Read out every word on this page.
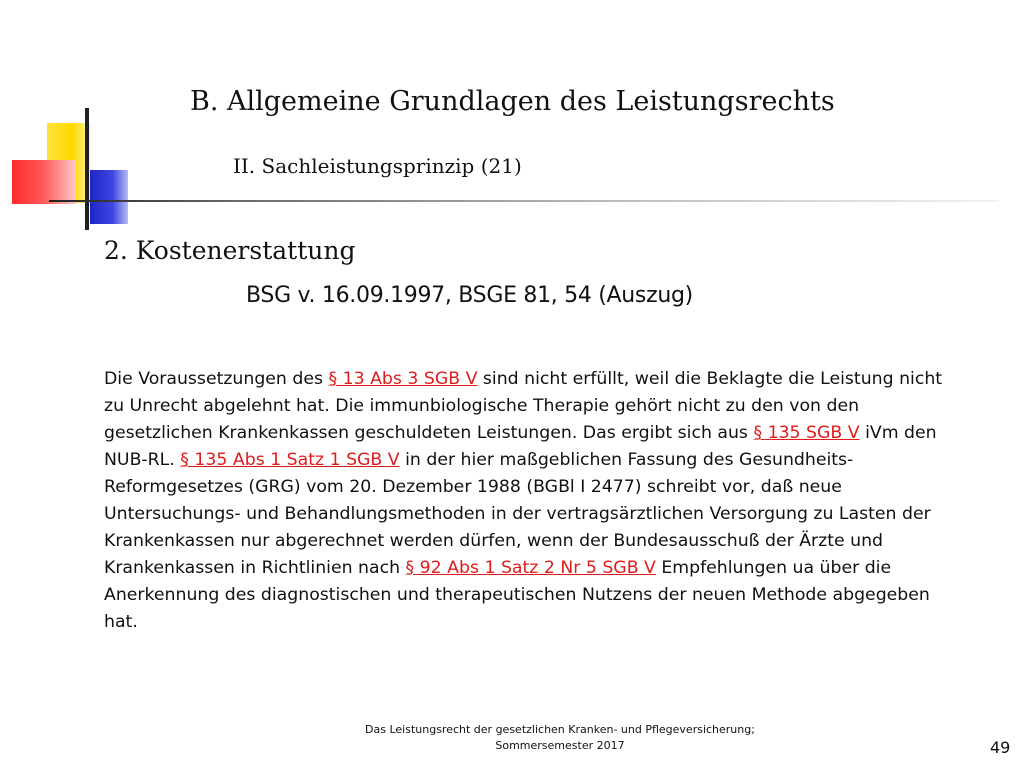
B. Allgemeine Grundlagen des Leistungsrechts
II. Sachleistungsprinzip (21)
2. Kostenerstattung
BSG v. 16.09.1997, BSGE 81, 54 (Auszug)

Die Voraussetzungen des § 13 Abs 3 SGB V sind nicht erfüllt, weil die Beklagte die Leistung nicht zu Unrecht abgelehnt hat. Die immunbiologische Therapie gehört nicht zu den von den gesetzlichen Krankenkassen geschuldeten Leistungen. Das ergibt sich aus § 135 SGB V iVm den NUB-RL. § 135 Abs 1 Satz 1 SGB V in der hier maßgeblichen Fassung des Gesundheits-Reformgesetzes (GRG) vom 20. Dezember 1988 (BGBl I 2477) schreibt vor, daß neue Untersuchungs- und Behandlungsmethoden in der vertragsärztlichen Versorgung zu Lasten der Krankenkassen nur abgerechnet werden dürfen, wenn der Bundesausschuß der Ärzte und Krankenkassen in Richtlinien nach § 92 Abs 1 Satz 2 Nr 5 SGB V Empfehlungen ua über die Anerkennung des diagnostischen und therapeutischen Nutzens der neuen Methode abgegeben hat.

Das Leistungsrecht der gesetzlichen Kranken- und Pflegeversicherung;
Sommersemester 2017	49
